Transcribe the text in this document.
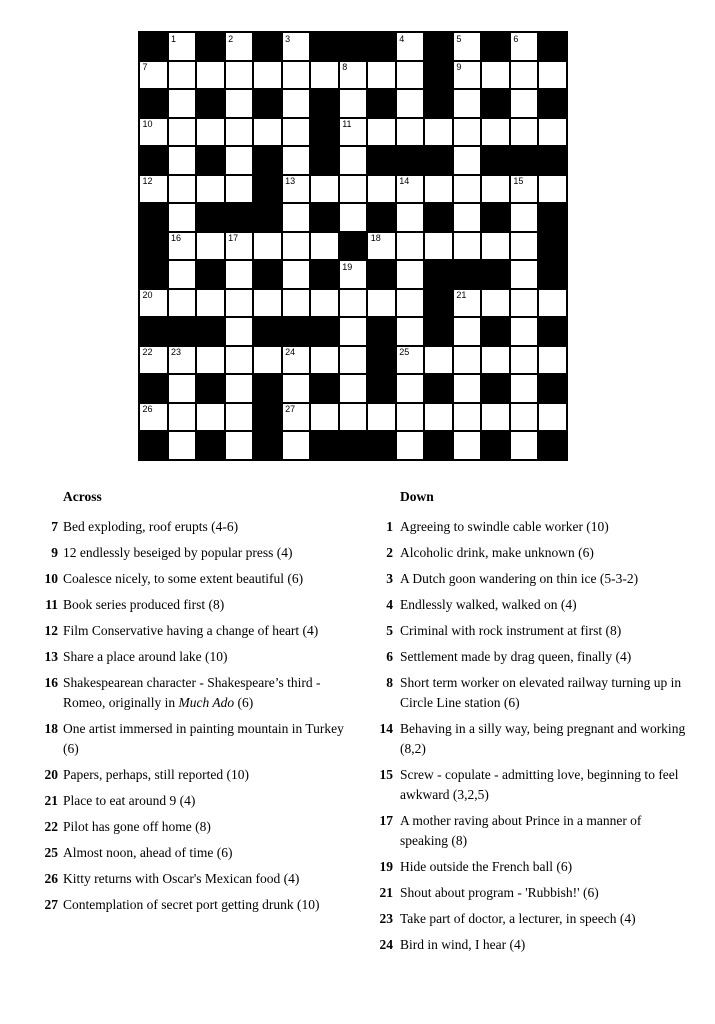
1	2	3	4	5	6
7	8	9
10	11
12	13	14	15
16	17	18
19
20	21
22 23	24	25
26	27
Across
7 Bed exploding, roof erupts (4-6)
9 12 endlessly beseiged by popular press (4)
10 Coalesce nicely, to some extent beautiful (6)
11 Book series produced first (8)
12 Film Conservative having a change of heart (4)
13 Share a place around lake (10)
16 Shakespearean character - Shakespeare’s third - Romeo, originally in Much Ado (6)
18 One artist immersed in painting mountain in Turkey (6)
20 Papers, perhaps, still reported (10)
21 Place to eat around 9 (4)
22 Pilot has gone off home (8)
25 Almost noon, ahead of time (6)
26 Kitty returns with Oscar's Mexican food (4)
27 Contemplation of secret port getting drunk (10)
Down
1 Agreeing to swindle cable worker (10)
2 Alcoholic drink, make unknown (6)
3 A Dutch goon wandering on thin ice (5-3-2)
4 Endlessly walked, walked on (4)
5 Criminal with rock instrument at first (8)
6 Settlement made by drag queen, finally (4)
8 Short term worker on elevated railway turning up in Circle Line station (6)
14 Behaving in a silly way, being pregnant and working (8,2)
15 Screw - copulate - admitting love, beginning to feel awkward (3,2,5)
17 A mother raving about Prince in a manner of speaking (8)
19 Hide outside the French ball (6)
21 Shout about program - 'Rubbish!' (6)
23 Take part of doctor, a lecturer, in speech (4)
24 Bird in wind, I hear (4)
